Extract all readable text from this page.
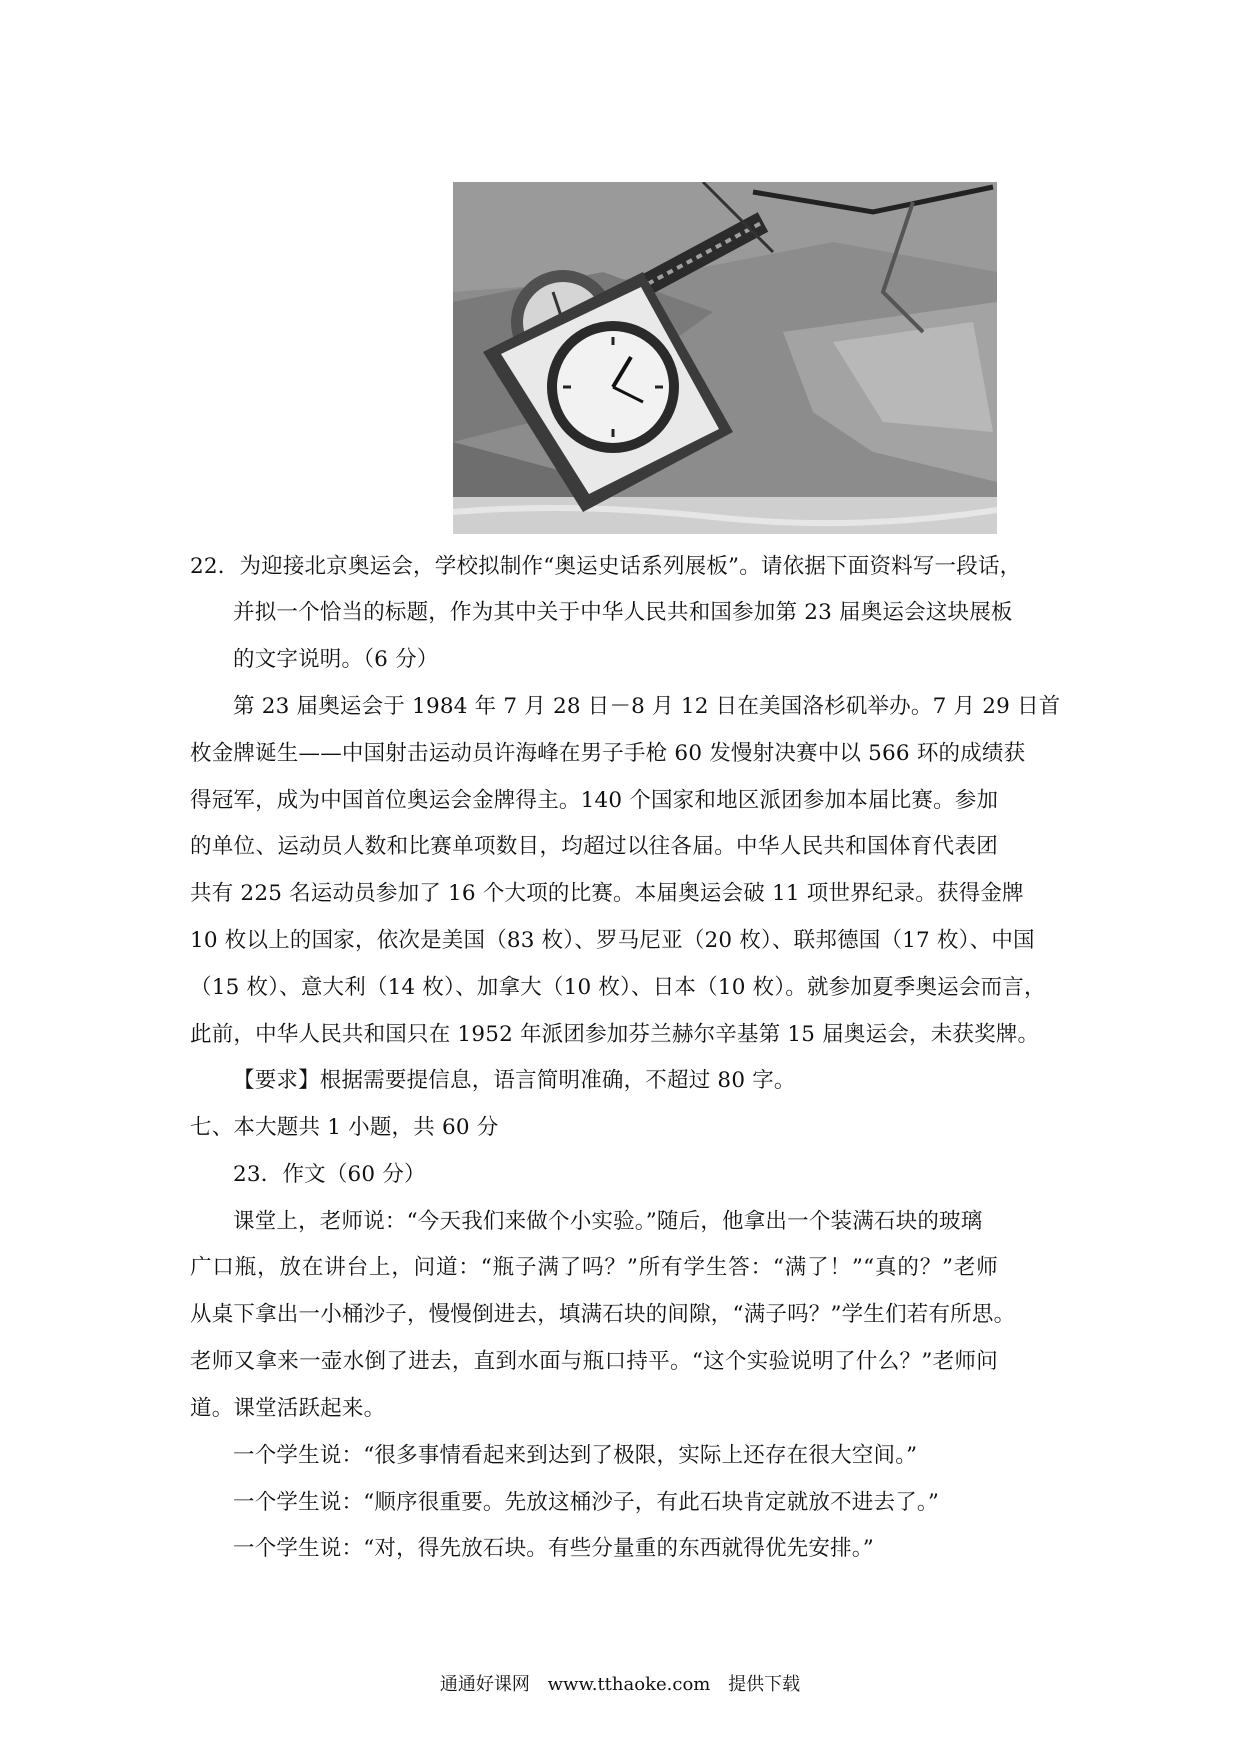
22．为迎接北京奥运会，学校拟制作“奥运史话系列展板”。请依据下面资料写一段话，
并拟一个恰当的标题，作为其中关于中华人民共和国参加第 23 届奥运会这块展板
的文字说明。（6 分）
第 23 届奥运会于 1984 年 7 月 28 日－8 月 12 日在美国洛杉矶举办。7 月 29 日首
枚金牌诞生——中国射击运动员许海峰在男子手枪 60 发慢射决赛中以 566 环的成绩获
得冠军，成为中国首位奥运会金牌得主。140 个国家和地区派团参加本届比赛。参加
的单位、运动员人数和比赛单项数目，均超过以往各届。中华人民共和国体育代表团
共有 225 名运动员参加了 16 个大项的比赛。本届奥运会破 11 项世界纪录。获得金牌
10 枚以上的国家，依次是美国（83 枚）、罗马尼亚（20 枚）、联邦德国（17 枚）、中国
（15 枚）、意大利（14 枚）、加拿大（10 枚）、日本（10 枚）。就参加夏季奥运会而言，
此前，中华人民共和国只在 1952 年派团参加芬兰赫尔辛基第 15 届奥运会，未获奖牌。
【要求】根据需要提信息，语言简明准确，不超过 80 字。
七、本大题共 1 小题，共 60 分
23．作文（60 分）
课堂上，老师说：“今天我们来做个小实验。”随后，他拿出一个装满石块的玻璃
广口瓶，放在讲台上，问道：“瓶子满了吗？”所有学生答：“满了！”“真的？”老师
从桌下拿出一小桶沙子，慢慢倒进去，填满石块的间隙，“满子吗？”学生们若有所思。
老师又拿来一壶水倒了进去，直到水面与瓶口持平。“这个实验说明了什么？”老师问
道。课堂活跃起来。
一个学生说：“很多事情看起来到达到了极限，实际上还存在很大空间。”
一个学生说：“顺序很重要。先放这桶沙子，有此石块肯定就放不进去了。”
一个学生说：“对，得先放石块。有些分量重的东西就得优先安排。”
通通好课网 www.tthaoke.com 提供下载
